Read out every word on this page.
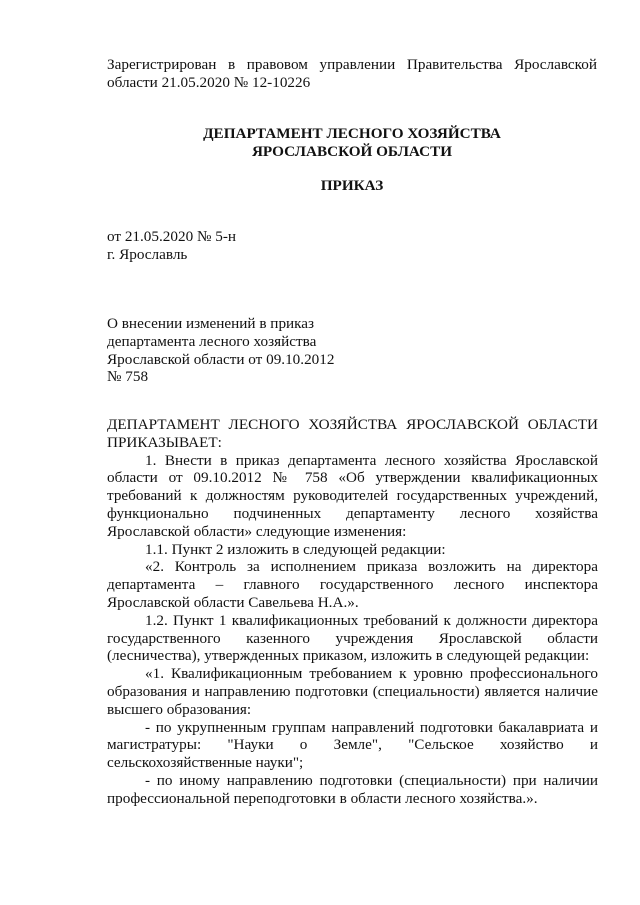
Зарегистрирован в правовом управлении Правительства Ярославской
области 21.05.2020 № 12-10226
ДЕПАРТАМЕНТ ЛЕСНОГО ХОЗЯЙСТВА
ЯРОСЛАВСКОЙ ОБЛАСТИ
ПРИКАЗ
от 21.05.2020 № 5-н
г. Ярославль
О внесении изменений в приказ
департамента лесного хозяйства
Ярославской области от 09.10.2012
№ 758
ДЕПАРТАМЕНТ ЛЕСНОГО ХОЗЯЙСТВА ЯРОСЛАВСКОЙ ОБЛАСТИ
ПРИКАЗЫВАЕТ:
1. Внести в приказ департамента лесного хозяйства Ярославской области от 09.10.2012 № 758 «Об утверждении квалификационных требований к должностям руководителей государственных учреждений, функционально подчиненных департаменту лесного хозяйства Ярославской области» следующие изменения:
1.1. Пункт 2 изложить в следующей редакции:
«2. Контроль за исполнением приказа возложить на директора департамента – главного государственного лесного инспектора Ярославской области Савельева Н.А.».
1.2. Пункт 1 квалификационных требований к должности директора государственного казенного учреждения Ярославской области (лесничества), утвержденных приказом, изложить в следующей редакции:
«1. Квалификационным требованием к уровню профессионального образования и направлению подготовки (специальности) является наличие высшего образования:
- по укрупненным группам направлений подготовки бакалавриата и магистратуры: "Науки о Земле", "Сельское хозяйство и сельскохозяйственные науки";
- по иному направлению подготовки (специальности) при наличии профессиональной переподготовки в области лесного хозяйства.».
